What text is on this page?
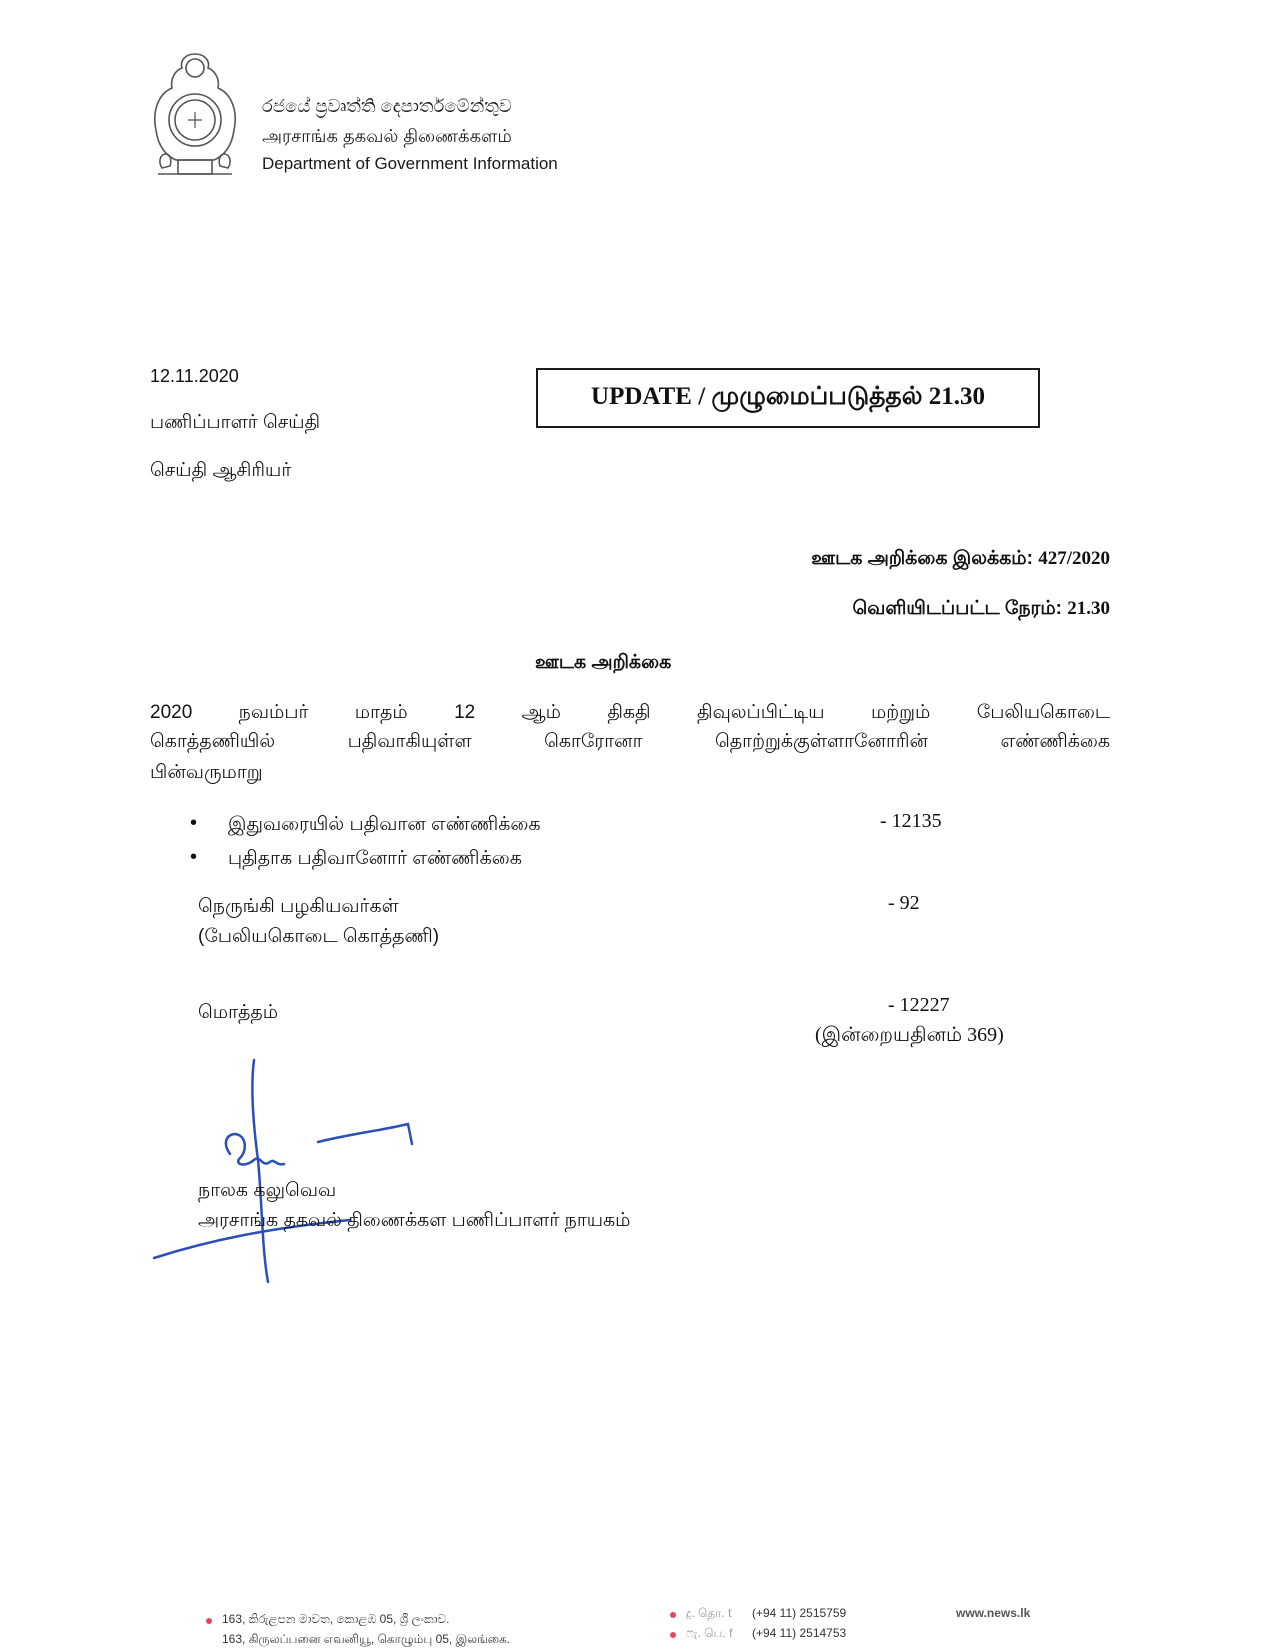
රජයේ ප්‍රවෘත්ති දෙපාර්තමේන්තුව
அரசாங்க தகவல் திணைக்களம்
Department of Government Information
12.11.2020
பணிப்பாளர் செய்தி
செய்தி ஆசிரியர்
UPDATE / முழுமைப்படுத்தல் 21.30
ஊடக அறிக்கை இலக்கம்: 427/2020
வெளியிடப்பட்ட நேரம்: 21.30
ஊடக அறிக்கை
2020 நவம்பர் மாதம் 12 ஆம் திகதி திவுலப்பிட்டிய மற்றும் பேலியகொடை
கொத்தணியில் பதிவாகியுள்ள கொரோனா தொற்றுக்குள்ளானோரின் எண்ணிக்கை
பின்வருமாறு
• இதுவரையில் பதிவான எண்ணிக்கை	- 12135
• புதிதாக பதிவானோர் எண்ணிக்கை
நெருங்கி பழகியவர்கள்
(பேலியகொடை கொத்தணி)
- 92
மொத்தம்	- 12227
(இன்றையதினம் 369)
நாலக கலுவெவ
அரசாங்க தகவல் திணைக்கள பணிப்பாளர் நாயகம்
163, කිරුළපන මාවත, කොළඹ 05, ශ්‍රී ලංකාව.
163, கிருலப்பனை எவனியூ, கொழும்பு 05, இலங்கை.
දු. தொ. t (+94 11) 2515759
ෆැ. பெ. f (+94 11) 2514753
www.news.lk
